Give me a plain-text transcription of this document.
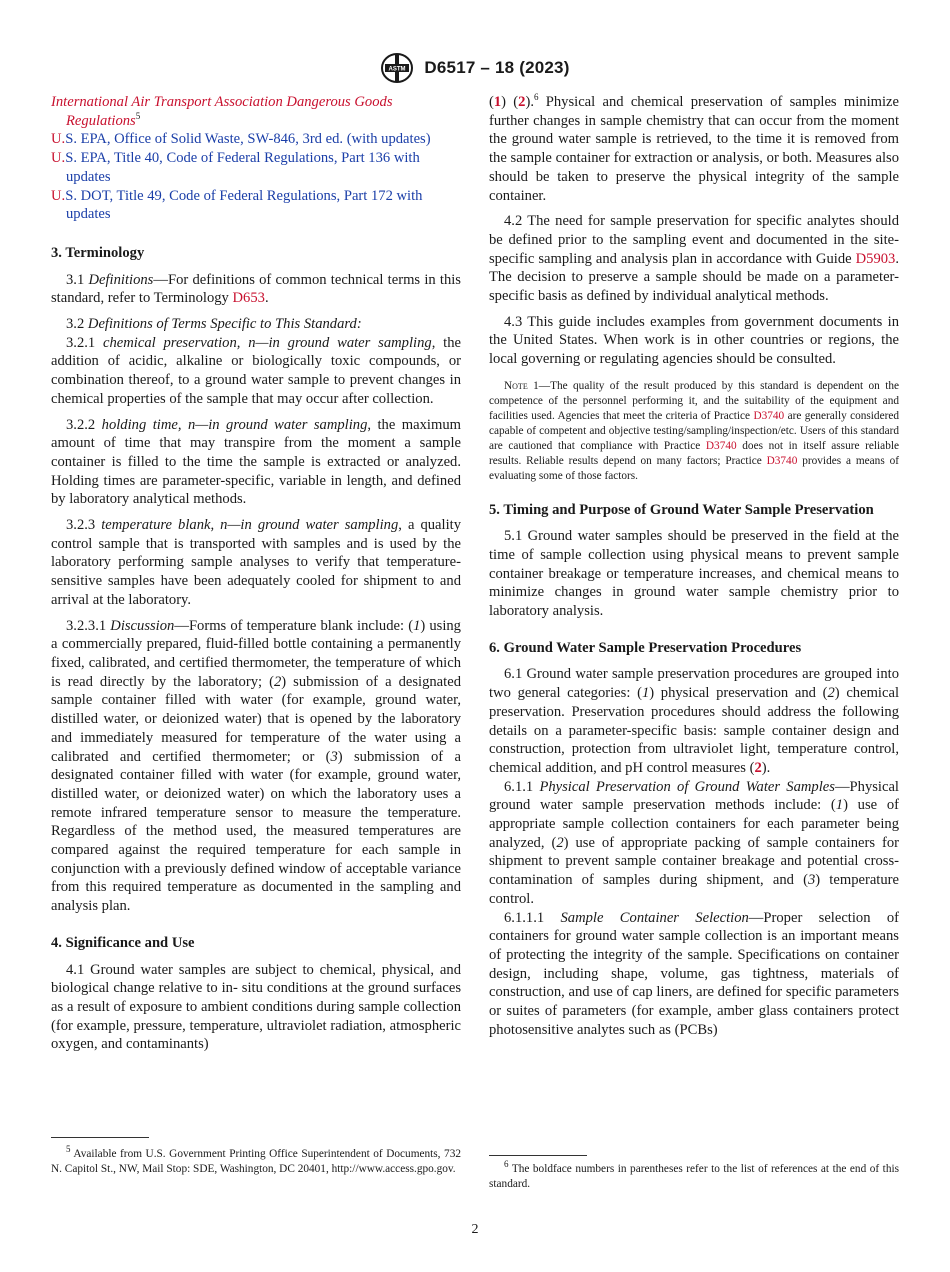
ASTM D6517 – 18 (2023)
International Air Transport Association Dangerous Goods Regulations$^5$
U.S. EPA, Office of Solid Waste, SW-846, 3rd ed. (with updates)
U.S. EPA, Title 40, Code of Federal Regulations, Part 136 with updates
U.S. DOT, Title 49, Code of Federal Regulations, Part 172 with updates
3. Terminology

3.1 Definitions—For definitions of common technical terms in this standard, refer to Terminology D653.

3.2 Definitions of Terms Specific to This Standard:

3.2.1 chemical preservation, n—in ground water sampling, the addition of acidic, alkaline or biologically toxic compounds, or combination thereof, to a ground water sample to prevent changes in chemical properties of the sample that may occur after collection.

3.2.2 holding time, n—in ground water sampling, the maximum amount of time that may transpire from the moment a sample container is filled to the time the sample is extracted or analyzed. Holding times are parameter-specific, variable in length, and defined by laboratory analytical methods.

3.2.3 temperature blank, n—in ground water sampling, a quality control sample that is transported with samples and is used by the laboratory performing sample analyses to verify that temperature-sensitive samples have been adequately cooled for shipment to and arrival at the laboratory.

3.2.3.1 Discussion—Forms of temperature blank include: (1) using a commercially prepared, fluid-filled bottle containing a permanently fixed, calibrated, and certified thermometer, the temperature of which is read directly by the laboratory; (2) submission of a designated sample container filled with water (for example, ground water, distilled water, or deionized water) that is opened by the laboratory and immediately measured for temperature of the water using a calibrated and certified thermometer; or (3) submission of a designated container filled with water (for example, ground water, distilled water, or deionized water) on which the laboratory uses a remote infrared temperature sensor to measure the temperature. Regardless of the method used, the measured temperatures are compared against the required temperature for each sample in conjunction with a previously defined window of acceptable variance from this required temperature as documented in the sampling and analysis plan.

4. Significance and Use

4.1 Ground water samples are subject to chemical, physical, and biological change relative to in- situ conditions at the ground surfaces as a result of exposure to ambient conditions during sample collection (for example, pressure, temperature, ultraviolet radiation, atmospheric oxygen, and contaminants)

$^5$ Available from U.S. Government Printing Office Superintendent of Documents, 732 N. Capitol St., NW, Mail Stop: SDE, Washington, DC 20401, http://www.access.gpo.gov.

(1) (2).$^6$ Physical and chemical preservation of samples minimize further changes in sample chemistry that can occur from the moment the ground water sample is retrieved, to the time it is removed from the sample container for extraction or analysis, or both. Measures also should be taken to preserve the physical integrity of the sample container.

4.2 The need for sample preservation for specific analytes should be defined prior to the sampling event and documented in the site-specific sampling and analysis plan in accordance with Guide D5903. The decision to preserve a sample should be made on a parameter-specific basis as defined by individual analytical methods.

4.3 This guide includes examples from government documents in the United States. When work is in other countries or regions, the local governing or regulating agencies should be consulted.

Note 1—The quality of the result produced by this standard is dependent on the competence of the personnel performing it, and the suitability of the equipment and facilities used. Agencies that meet the criteria of Practice D3740 are generally considered capable of competent and objective testing/sampling/inspection/etc. Users of this standard are cautioned that compliance with Practice D3740 does not in itself assure reliable results. Reliable results depend on many factors; Practice D3740 provides a means of evaluating some of those factors.
5. Timing and Purpose of Ground Water Sample Preservation

5.1 Ground water samples should be preserved in the field at the time of sample collection using physical means to prevent sample container breakage or temperature increases, and chemical means to minimize changes in ground water sample chemistry prior to laboratory analysis.

6. Ground Water Sample Preservation Procedures

6.1 Ground water sample preservation procedures are grouped into two general categories: (1) physical preservation and (2) chemical preservation. Preservation procedures should address the following details on a parameter-specific basis: sample container design and construction, protection from ultraviolet light, temperature control, chemical addition, and pH control measures (2).

6.1.1 Physical Preservation of Ground Water Samples—Physical ground water sample preservation methods include: (1) use of appropriate sample collection containers for each parameter being analyzed, (2) use of appropriate packing of sample containers for shipment to prevent sample container breakage and potential cross-contamination of samples during shipment, and (3) temperature control.

6.1.1.1 Sample Container Selection—Proper selection of containers for ground water sample collection is an important means of protecting the integrity of the sample. Specifications on container design, including shape, volume, gas tightness, materials of construction, and use of cap liners, are defined for specific parameters or suites of parameters (for example, amber glass containers protect photosensitive analytes such as (PCBs)

$^6$ The boldface numbers in parentheses refer to the list of references at the end of this standard.
2
